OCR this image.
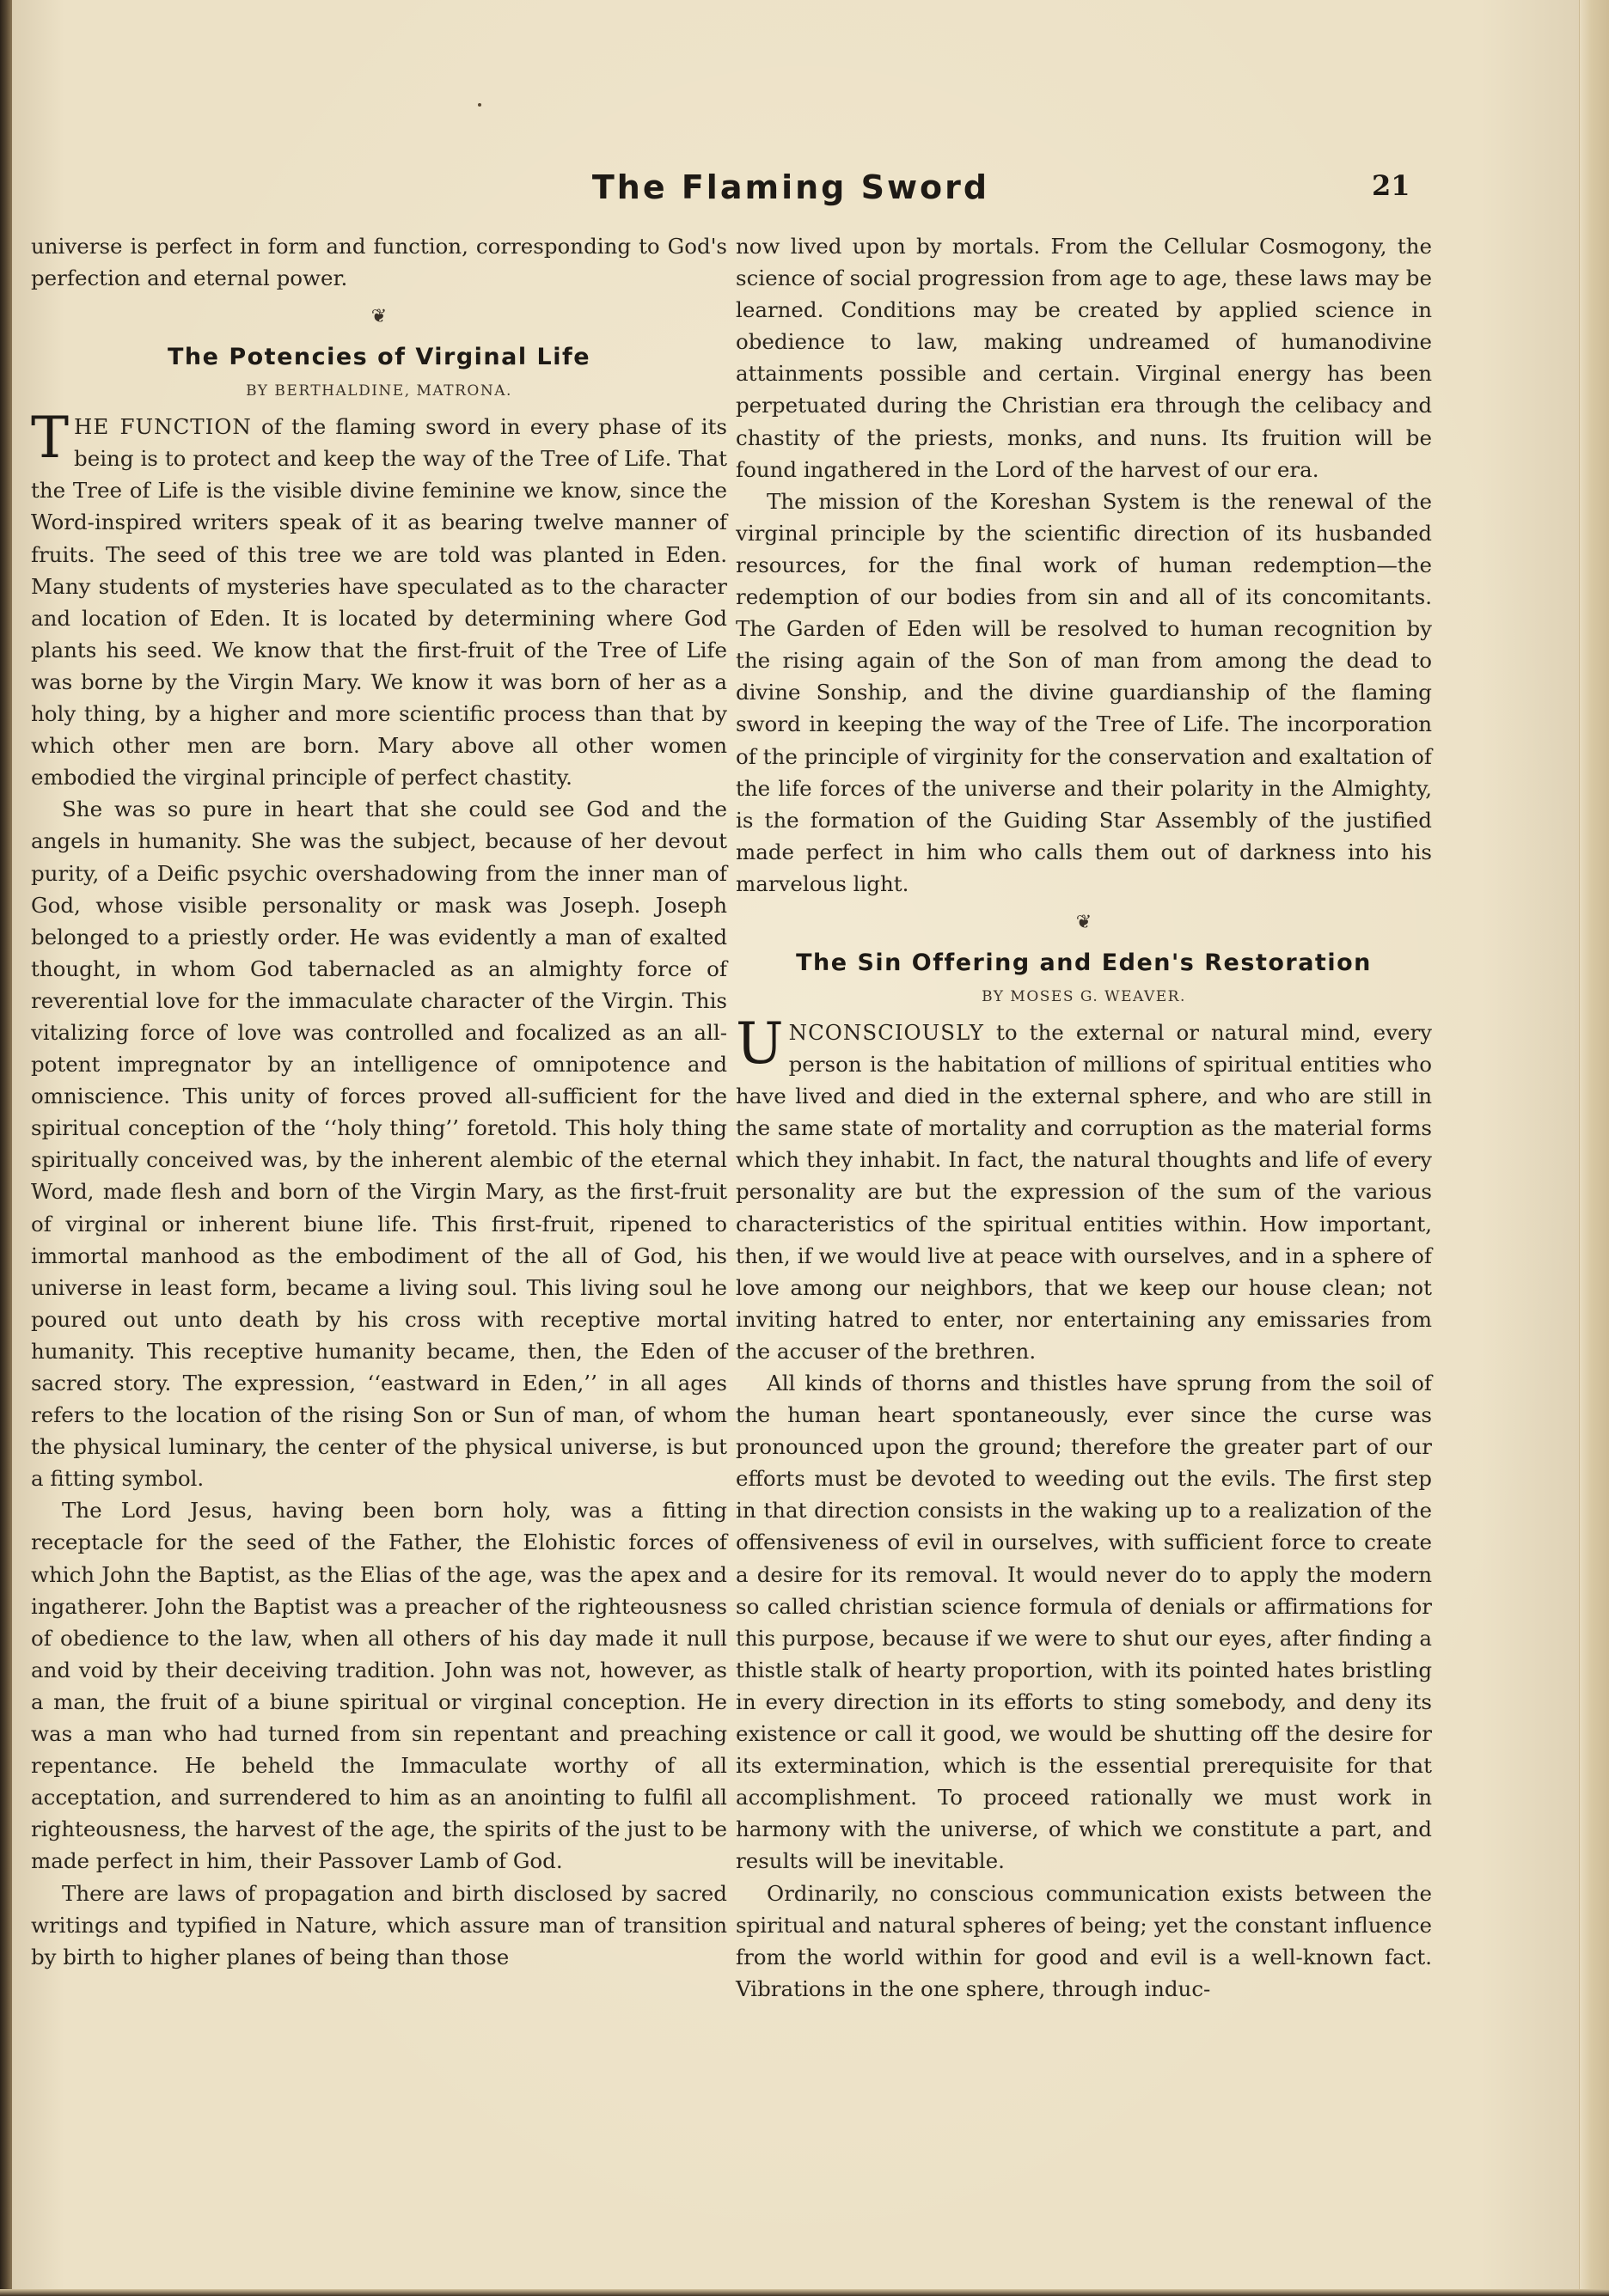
The Flaming Sword	21

universe is perfect in form and function, corresponding to God's perfection and eternal power.

❦
The Potencies of Virginal Life
BY BERTHALDINE, MATRONA.

THE FUNCTION of the flaming sword in every phase of its being is to protect and keep the way of the Tree of Life. That the Tree of Life is the visible divine feminine we know, since the Word-inspired writers speak of it as bearing twelve manner of fruits. The seed of this tree we are told was planted in Eden. Many students of mysteries have speculated as to the character and location of Eden. It is located by determining where God plants his seed. We know that the first-fruit of the Tree of Life was borne by the Virgin Mary. We know it was born of her as a holy thing, by a higher and more scientific process than that by which other men are born. Mary above all other women embodied the virginal principle of perfect chastity.

She was so pure in heart that she could see God and the angels in humanity. She was the subject, because of her devout purity, of a Deific psychic overshadowing from the inner man of God, whose visible personality or mask was Joseph. Joseph belonged to a priestly order. He was evidently a man of exalted thought, in whom God tabernacled as an almighty force of reverential love for the immaculate character of the Virgin. This vitalizing force of love was controlled and focalized as an all-potent impregnator by an intelligence of omnipotence and omniscience. This unity of forces proved all-sufficient for the spiritual conception of the ‘‘holy thing’’ foretold. This holy thing spiritually conceived was, by the inherent alembic of the eternal Word, made flesh and born of the Virgin Mary, as the first-fruit of virginal or inherent biune life. This first-fruit, ripened to immortal manhood as the embodiment of the all of God, his universe in least form, became a living soul. This living soul he poured out unto death by his cross with receptive mortal humanity. This receptive humanity became, then, the Eden of sacred story. The expression, ‘‘eastward in Eden,’’ in all ages refers to the location of the rising Son or Sun of man, of whom the physical luminary, the center of the physical universe, is but a fitting symbol.

The Lord Jesus, having been born holy, was a fitting receptacle for the seed of the Father, the Elohistic forces of which John the Baptist, as the Elias of the age, was the apex and ingatherer. John the Baptist was a preacher of the righteousness of obedience to the law, when all others of his day made it null and void by their deceiving tradition. John was not, however, as a man, the fruit of a biune spiritual or virginal conception. He was a man who had turned from sin repentant and preaching repentance. He beheld the Immaculate worthy of all acceptation, and surrendered to him as an anointing to fulfil all righteousness, the harvest of the age, the spirits of the just to be made perfect in him, their Passover Lamb of God.

There are laws of propagation and birth disclosed by sacred writings and typified in Nature, which assure man of transition by birth to higher planes of being than those

now lived upon by mortals. From the Cellular Cosmogony, the science of social progression from age to age, these laws may be learned. Conditions may be created by applied science in obedience to law, making undreamed of humanodivine attainments possible and certain. Virginal energy has been perpetuated during the Christian era through the celibacy and chastity of the priests, monks, and nuns. Its fruition will be found ingathered in the Lord of the harvest of our era.

The mission of the Koreshan System is the renewal of the virginal principle by the scientific direction of its husbanded resources, for the final work of human redemption—the redemption of our bodies from sin and all of its concomitants. The Garden of Eden will be resolved to human recognition by the rising again of the Son of man from among the dead to divine Sonship, and the divine guardianship of the flaming sword in keeping the way of the Tree of Life. The incorporation of the principle of virginity for the conservation and exaltation of the life forces of the universe and their polarity in the Almighty, is the formation of the Guiding Star Assembly of the justified made perfect in him who calls them out of darkness into his marvelous light.

❦
The Sin Offering and Eden's Restoration
BY MOSES G. WEAVER.

UNCONSCIOUSLY to the external or natural mind, every person is the habitation of millions of spiritual entities who have lived and died in the external sphere, and who are still in the same state of mortality and corruption as the material forms which they inhabit. In fact, the natural thoughts and life of every personality are but the expression of the sum of the various characteristics of the spiritual entities within. How important, then, if we would live at peace with ourselves, and in a sphere of love among our neighbors, that we keep our house clean; not inviting hatred to enter, nor entertaining any emissaries from the accuser of the brethren.

All kinds of thorns and thistles have sprung from the soil of the human heart spontaneously, ever since the curse was pronounced upon the ground; therefore the greater part of our efforts must be devoted to weeding out the evils. The first step in that direction consists in the waking up to a realization of the offensiveness of evil in ourselves, with sufficient force to create a desire for its removal. It would never do to apply the modern so called christian science formula of denials or affirmations for this purpose, because if we were to shut our eyes, after finding a thistle stalk of hearty proportion, with its pointed hates bristling in every direction in its efforts to sting somebody, and deny its existence or call it good, we would be shutting off the desire for its extermination, which is the essential prerequisite for that accomplishment. To proceed rationally we must work in harmony with the universe, of which we constitute a part, and results will be inevitable.

Ordinarily, no conscious communication exists between the spiritual and natural spheres of being; yet the constant influence from the world within for good and evil is a well-known fact. Vibrations in the one sphere, through induc-
